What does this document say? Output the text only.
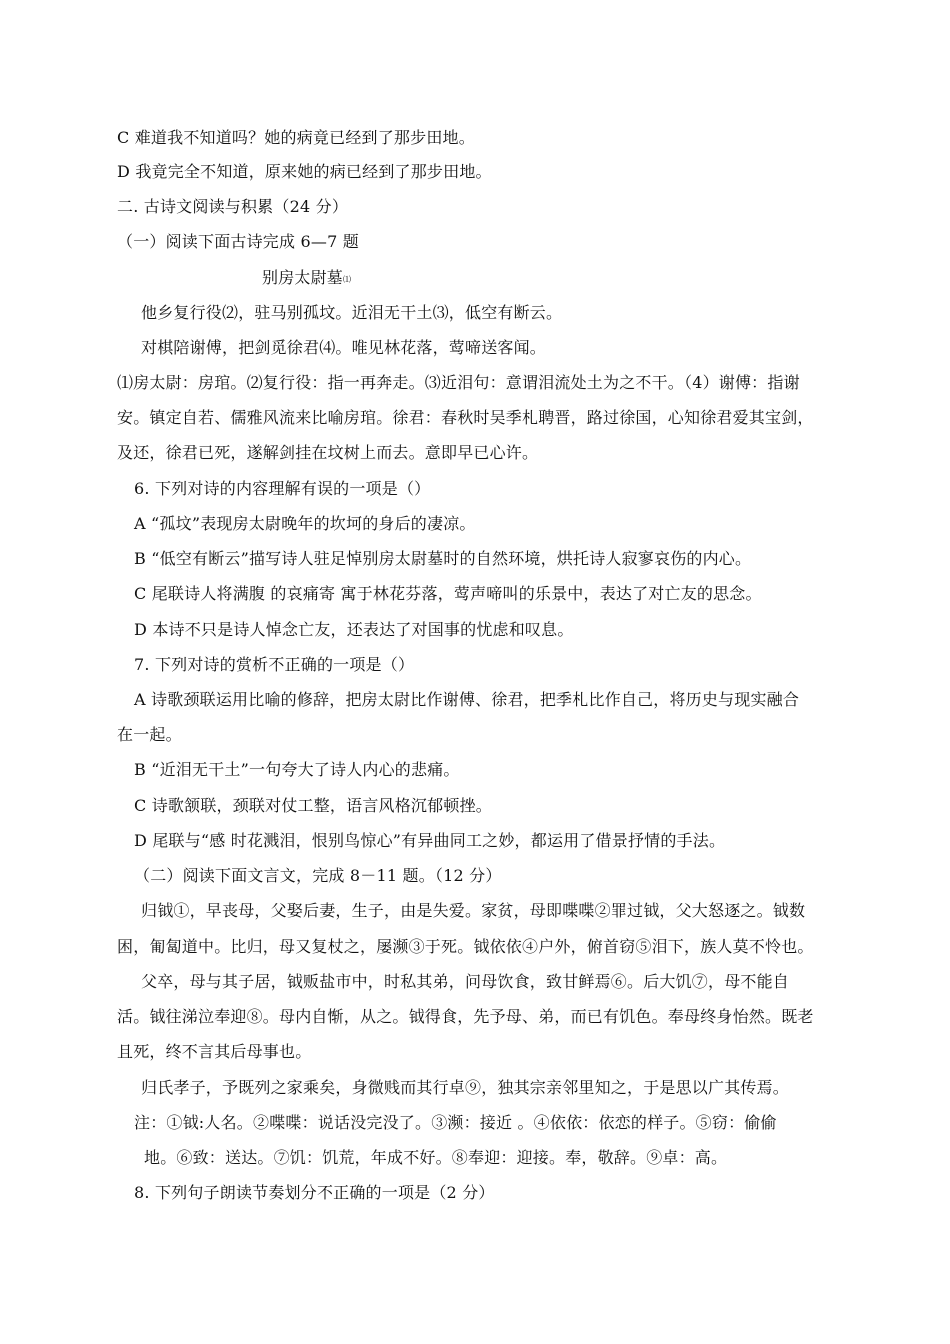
C 难道我不知道吗？她的病竟已经到了那步田地。
D 我竟完全不知道，原来她的病已经到了那步田地。
二. 古诗文阅读与积累（24 分）
（一）阅读下面古诗完成 6—7 题
别房太尉墓⑴
他乡复行役⑵，驻马别孤坟。近泪无干土⑶，低空有断云。
对棋陪谢傅，把剑觅徐君⑷。唯见林花落，莺啼送客闻。
⑴房太尉：房琯。⑵复行役：指一再奔走。⑶近泪句：意谓泪流处土为之不干。（4）谢傅：指谢
安。镇定自若、儒雅风流来比喻房琯。徐君：春秋时吴季札聘晋，路过徐国，心知徐君爱其宝剑，
及还，徐君已死，遂解剑挂在坟树上而去。意即早已心许。
6. 下列对诗的内容理解有误的一项是（）
A “孤坟”表现房太尉晚年的坎坷的身后的凄凉。
B “低空有断云”描写诗人驻足悼别房太尉墓时的自然环境，烘托诗人寂寥哀伤的内心。
C 尾联诗人将满腹 的哀痛寄 寓于林花芬落，莺声啼叫的乐景中，表达了对亡友的思念。
D 本诗不只是诗人悼念亡友，还表达了对国事的忧虑和叹息。
7. 下列对诗的赏析不正确的一项是（）
A 诗歌颈联运用比喻的修辞，把房太尉比作谢傅、徐君，把季札比作自己，将历史与现实融合
在一起。
B “近泪无干土”一句夸大了诗人内心的悲痛。
C 诗歌颔联，颈联对仗工整，语言风格沉郁顿挫。
D 尾联与“感 时花溅泪，恨别鸟惊心”有异曲同工之妙，都运用了借景抒情的手法。
（二）阅读下面文言文，完成 8－11 题。（12 分）
归钺①，早丧母，父娶后妻，生子，由是失爱。家贫，母即喋喋②罪过钺，父大怒逐之。钺数
困，匍匐道中。比归，母又复杖之，屡濒③于死。钺依依④户外，俯首窃⑤泪下，族人莫不怜也。
父卒，母与其子居，钺贩盐市中，时私其弟，问母饮食，致甘鲜焉⑥。后大饥⑦，母不能自
活。钺往涕泣奉迎⑧。母内自惭，从之。钺得食，先予母、弟，而已有饥色。奉母终身怡然。既老
且死，终不言其后母事也。
归氏孝子，予既列之家乘矣，身微贱而其行卓⑨，独其宗亲邻里知之，于是思以广其传焉。
注：①钺:人名。②喋喋：说话没完没了。③濒：接近 。④依依：依恋的样子。⑤窃：偷偷
地。⑥致：送达。⑦饥：饥荒，年成不好。⑧奉迎：迎接。奉，敬辞。⑨卓：高。
8. 下列句子朗读节奏划分不正确的一项是（2 分）
